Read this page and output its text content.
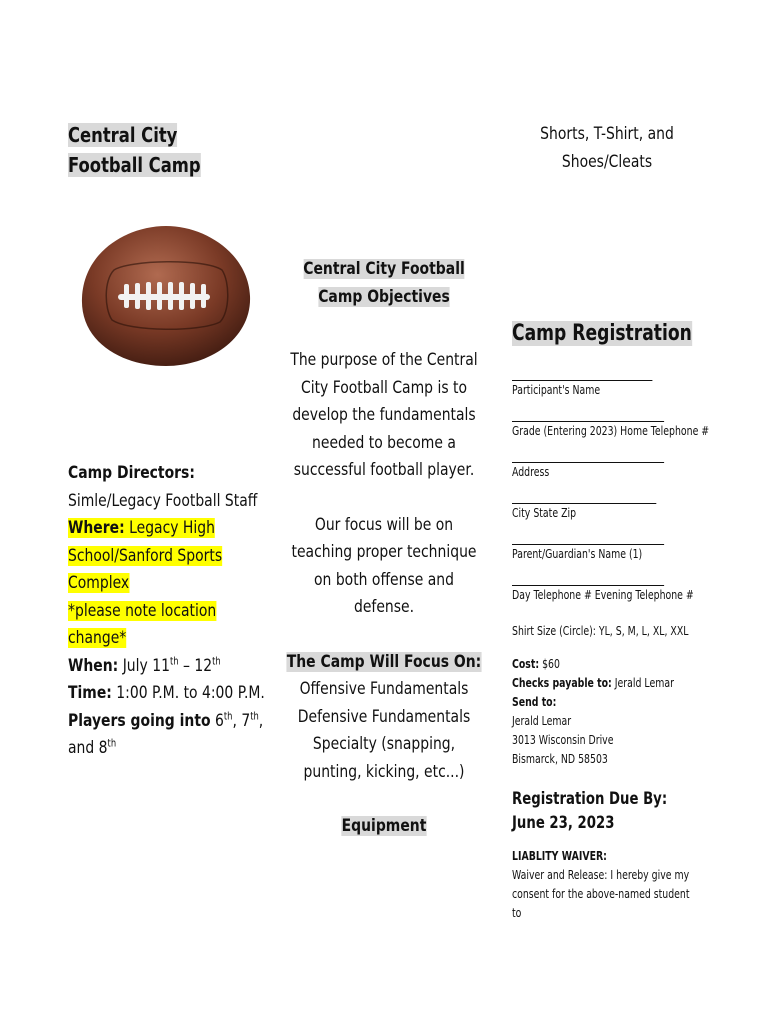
Central City Football Camp
Camp Directors:
Simle/Legacy Football Staff
Where: Legacy High School/Sanford Sports Complex
*please note location change*
When: July 11th – 12th
Time: 1:00 P.M. to 4:00 P.M.
Players going into 6th, 7th, and 8th
Central City Football Camp Objectives
The purpose of the Central City Football Camp is to develop the fundamentals needed to become a successful football player.
Our focus will be on teaching proper technique on both offense and defense.
The Camp Will Focus On:
Offensive Fundamentals
Defensive Fundamentals
Specialty (snapping, punting, kicking, etc...)
Equipment
Shorts, T-Shirt, and Shoes/Cleats
Camp Registration
Participant's Name
Grade (Entering 2023) Home Telephone #
Address
City State Zip
Parent/Guardian's Name (1)
Day Telephone # Evening Telephone #
Shirt Size (Circle): YL, S, M, L, XL, XXL
Cost: $60
Checks payable to: Jerald Lemar
Send to:
Jerald Lemar
3013 Wisconsin Drive
Bismarck, ND 58503
Registration Due By: June 23, 2023
LIABLITY WAIVER:
Waiver and Release: I hereby give my consent for the above-named student to
